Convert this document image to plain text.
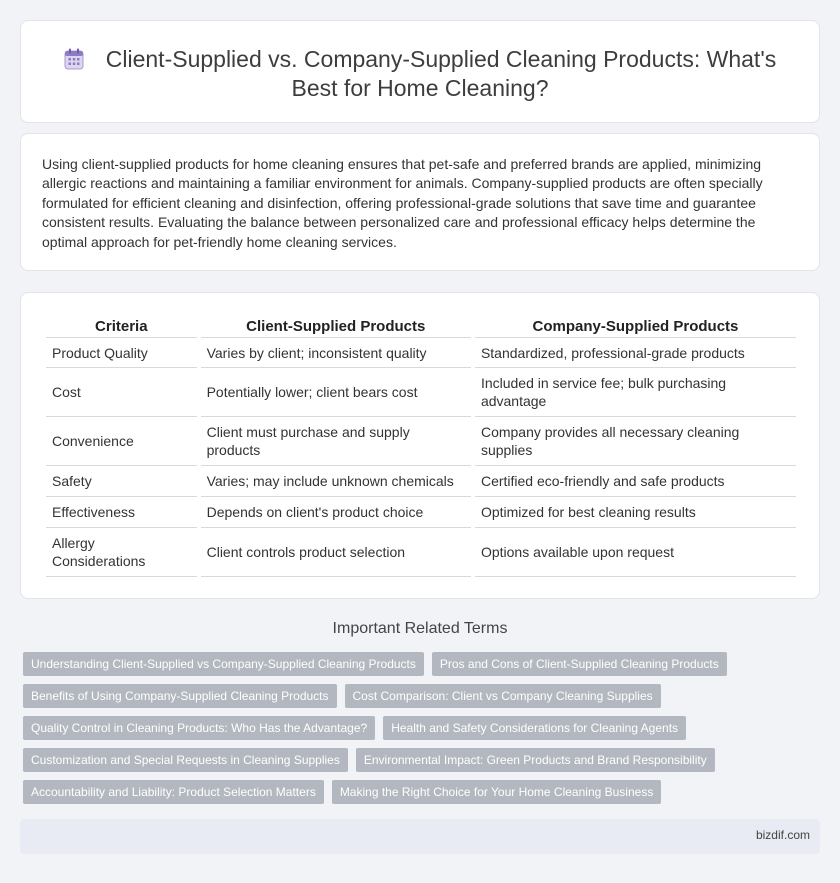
Client-Supplied vs. Company-Supplied Cleaning Products: What's Best for Home Cleaning?

Using client-supplied products for home cleaning ensures that pet-safe and preferred brands are applied, minimizing allergic reactions and maintaining a familiar environment for animals. Company-supplied products are often specially formulated for efficient cleaning and disinfection, offering professional-grade solutions that save time and guarantee consistent results. Evaluating the balance between personalized care and professional efficacy helps determine the optimal approach for pet-friendly home cleaning services.

Criteria	Client-Supplied Products	Company-Supplied Products
Product Quality	Varies by client; inconsistent quality	Standardized, professional-grade products
Cost	Potentially lower; client bears cost	Included in service fee; bulk purchasing advantage
Convenience	Client must purchase and supply products	Company provides all necessary cleaning supplies
Safety	Varies; may include unknown chemicals	Certified eco-friendly and safe products
Effectiveness	Depends on client's product choice	Optimized for best cleaning results
Allergy Considerations	Client controls product selection	Options available upon request
Important Related Terms
Understanding Client-Supplied vs Company-Supplied Cleaning Products	Pros and Cons of Client-Supplied Cleaning Products
Benefits of Using Company-Supplied Cleaning Products	Cost Comparison: Client vs Company Cleaning Supplies
Quality Control in Cleaning Products: Who Has the Advantage?	Health and Safety Considerations for Cleaning Agents
Customization and Special Requests in Cleaning Supplies	Environmental Impact: Green Products and Brand Responsibility
Accountability and Liability: Product Selection Matters	Making the Right Choice for Your Home Cleaning Business
bizdif.com
